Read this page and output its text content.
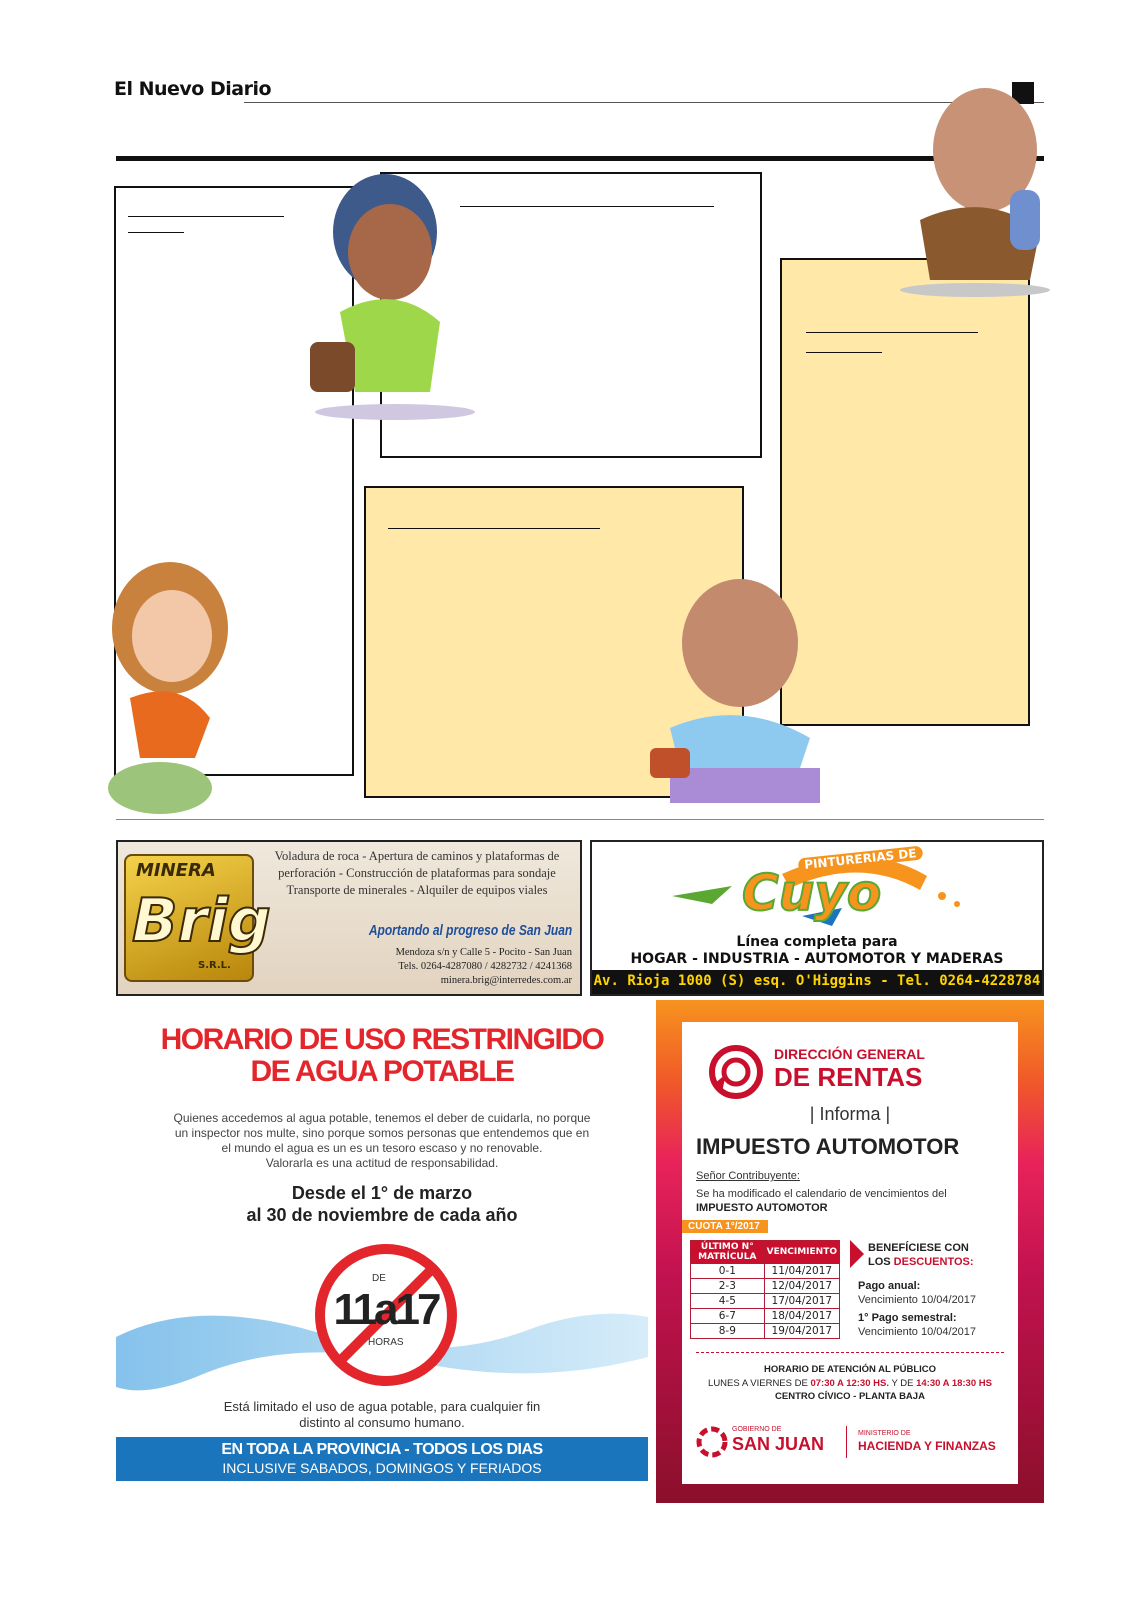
El Nuevo Diario
MINERA
Brig
S.R.L.
Voladura de roca - Apertura de caminos y plataformas de
perforación - Construcción de plataformas para sondaje
Transporte de minerales - Alquiler de equipos viales
Aportando al progreso de San Juan
Mendoza s/n y Calle 5 - Pocito - San Juan
Tels. 0264-4287080 / 4282732 / 4241368
minera.brig@interredes.com.ar
PINTURERIAS DE
Cuyo
Línea completa para
HOGAR - INDUSTRIA - AUTOMOTOR Y MADERAS
Av. Rioja 1000 (S) esq. O'Higgins - Tel. 0264-4228784
HORARIO DE USO RESTRINGIDO
DE AGUA POTABLE
Quienes accedemos al agua potable, tenemos el deber de cuidarla, no porque
un inspector nos multe, sino porque somos personas que entendemos que en
el mundo el agua es un es un tesoro escaso y no renovable.
Valorarla es una actitud de responsabilidad.
Desde el 1° de marzo
al 30 de noviembre de cada año
DE
11a17
HORAS
Está limitado el uso de agua potable, para cualquier fin
distinto al consumo humano.
EN TODA LA PROVINCIA - TODOS LOS DIAS
INCLUSIVE SABADOS, DOMINGOS Y FERIADOS
DIRECCIÓN GENERAL
DE RENTAS
| Informa |
IMPUESTO AUTOMOTOR
Señor Contribuyente:
Se ha modificado el calendario de vencimientos del
IMPUESTO AUTOMOTOR
CUOTA 1°/2017
ÚLTIMO N° MATRÍCULA	VENCIMIENTO
0-1	11/04/2017
2-3	12/04/2017
4-5	17/04/2017
6-7	18/04/2017
8-9	19/04/2017
BENEFÍCIESE CON
LOS DESCUENTOS:
Pago anual:
Vencimiento 10/04/2017
1° Pago semestral:
Vencimiento 10/04/2017
HORARIO DE ATENCIÓN AL PÚBLICO
LUNES A VIERNES DE 07:30 A 12:30 HS. Y DE 14:30 A 18:30 HS
CENTRO CÍVICO - PLANTA BAJA
GOBIERNO DE
SAN JUAN
MINISTERIO DE
HACIENDA Y FINANZAS
